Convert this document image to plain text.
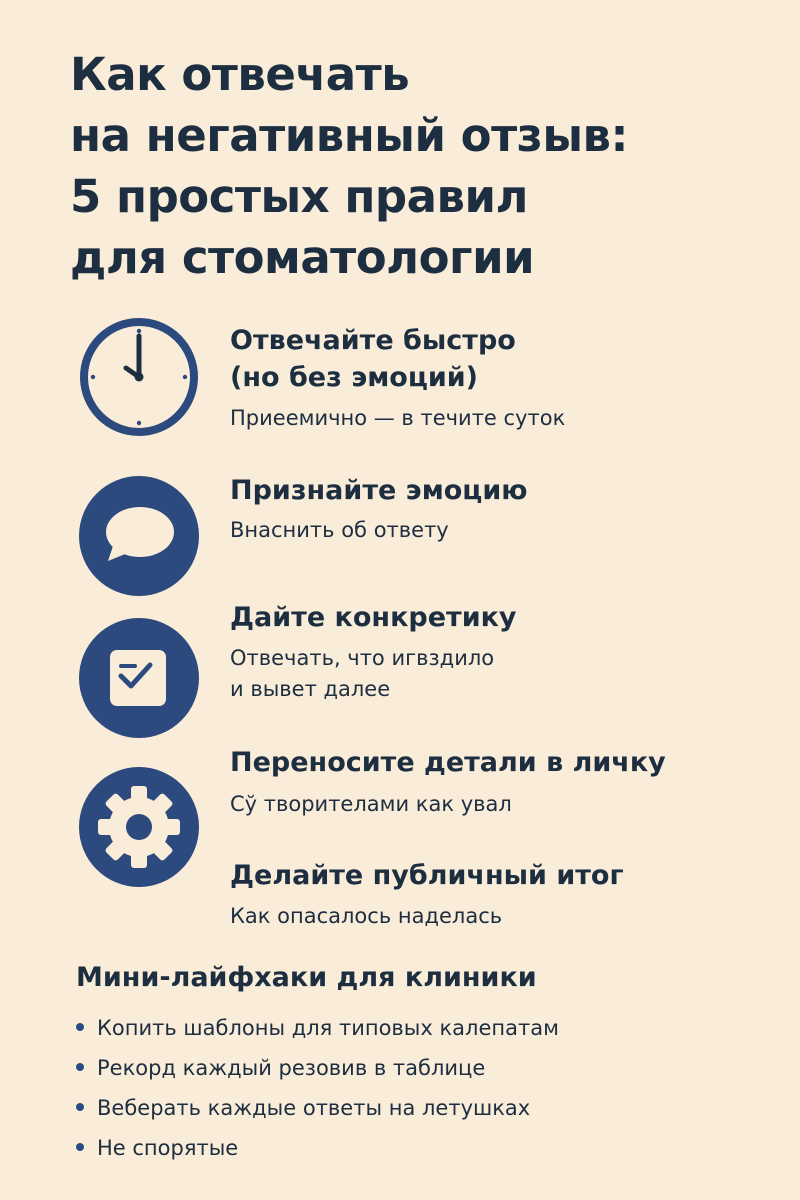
Как отвечать
на негативный отзыв:
5 простых правил
для стоматологии
Отвечайте быстро
(но без эмоций)

Приеемично — в течите суток

Признайте эмоцию

Внаснить об ответу

Дайте конкретику

Отвечать, что игвздило
и вывет далее

Переносите детали в личку

Сў творителами как увал

Делайте публичный итог

Как опасалось наделась

Мини-лайфхаки для клиники
Копить шаблоны для типовых калепатам
Рекорд каждый резовив в таблице
Веберать каждые ответы на летушках
Не спорятые
